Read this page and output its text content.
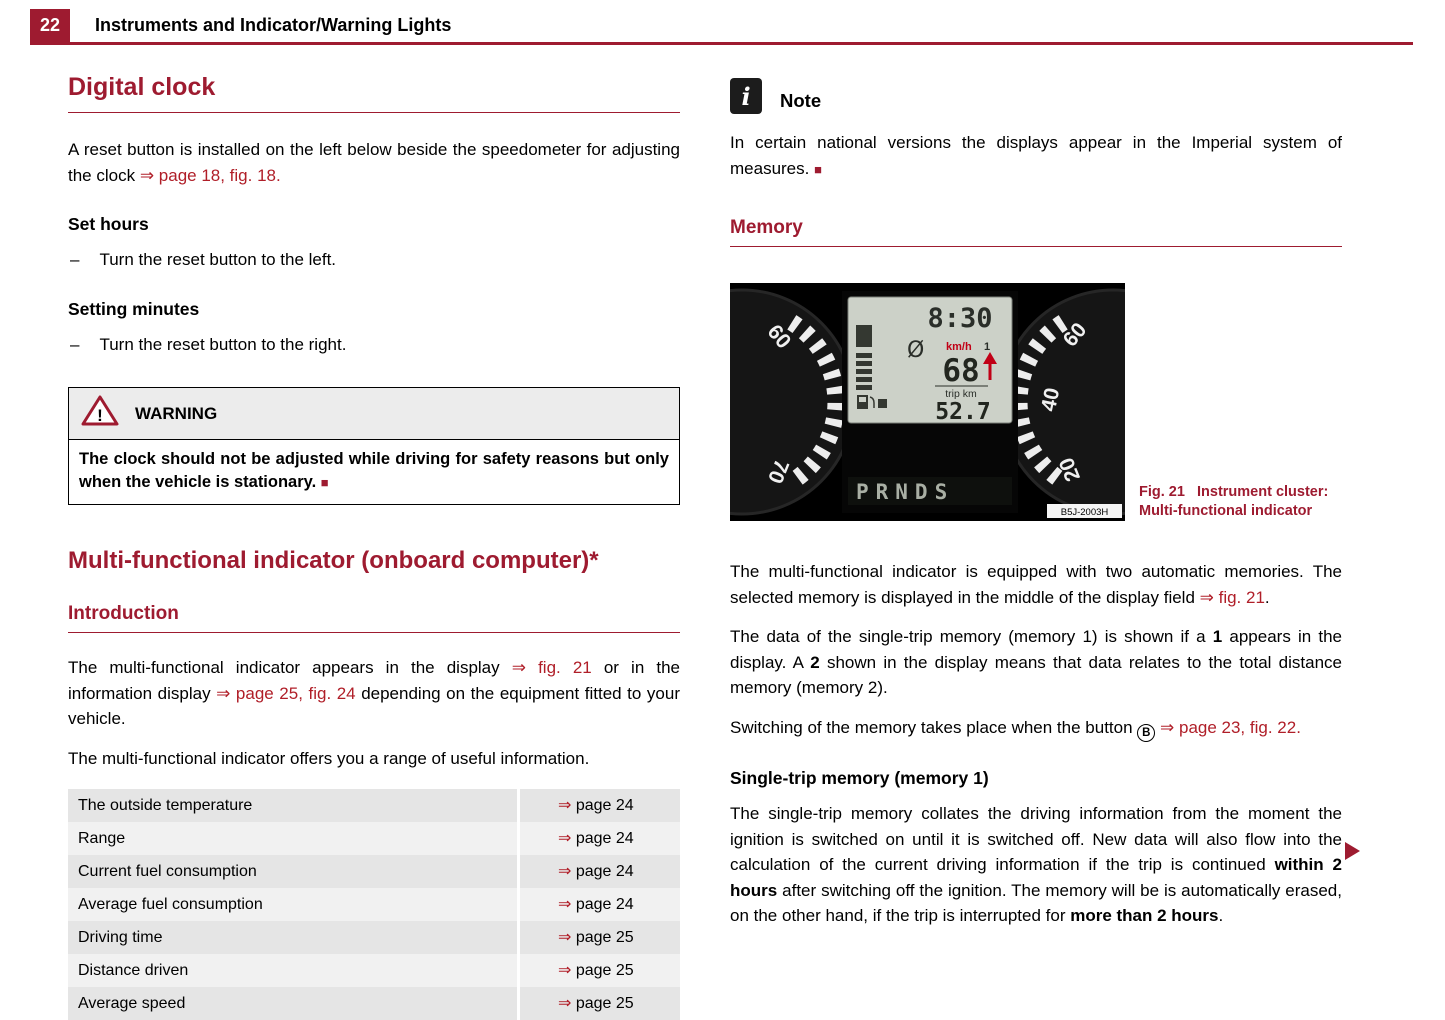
22	Instruments and Indicator/Warning Lights
Digital clock

A reset button is installed on the left below beside the speedometer for adjusting the clock ⇒ page 18, fig. 18.

Set hours
– Turn the reset button to the left.
Setting minutes
– Turn the reset button to the right.
! WARNING
The clock should not be adjusted while driving for safety reasons but only when the vehicle is stationary. ■
Multi-functional indicator (onboard computer)*
Introduction

The multi-functional indicator appears in the display ⇒ fig. 21 or in the information display ⇒ page 25, fig. 24 depending on the equipment fitted to your vehicle.

The multi-functional indicator offers you a range of useful information.

The outside temperature	⇒ page 24
Range	⇒ page 24
Current fuel consumption	⇒ page 24
Average fuel consumption	⇒ page 24
Driving time	⇒ page 25
Distance driven	⇒ page 25
Average speed	⇒ page 25
i	Note

In certain national versions the displays appear in the Imperial system of measures. ■

Memory
60
70
60
40
20
8:30
Ø km/h 1
68
trip km
52.7
PRNDS
B5J-2003H
Fig. 21   Instrument cluster:
Multi-functional indicator

The multi-functional indicator is equipped with two automatic memories. The selected memory is displayed in the middle of the display field ⇒ fig. 21.

The data of the single-trip memory (memory 1) is shown if a 1 appears in the display. A 2 shown in the display means that data relates to the total distance memory (memory 2).

Switching of the memory takes place when the button B ⇒ page 23, fig. 22.

Single-trip memory (memory 1)

The single-trip memory collates the driving information from the moment the ignition is switched on until it is switched off. New data will also flow into the calculation of the current driving information if the trip is continued within 2 hours after switching off the ignition. The memory will be is automatically erased, on the other hand, if the trip is interrupted for more than 2 hours.
